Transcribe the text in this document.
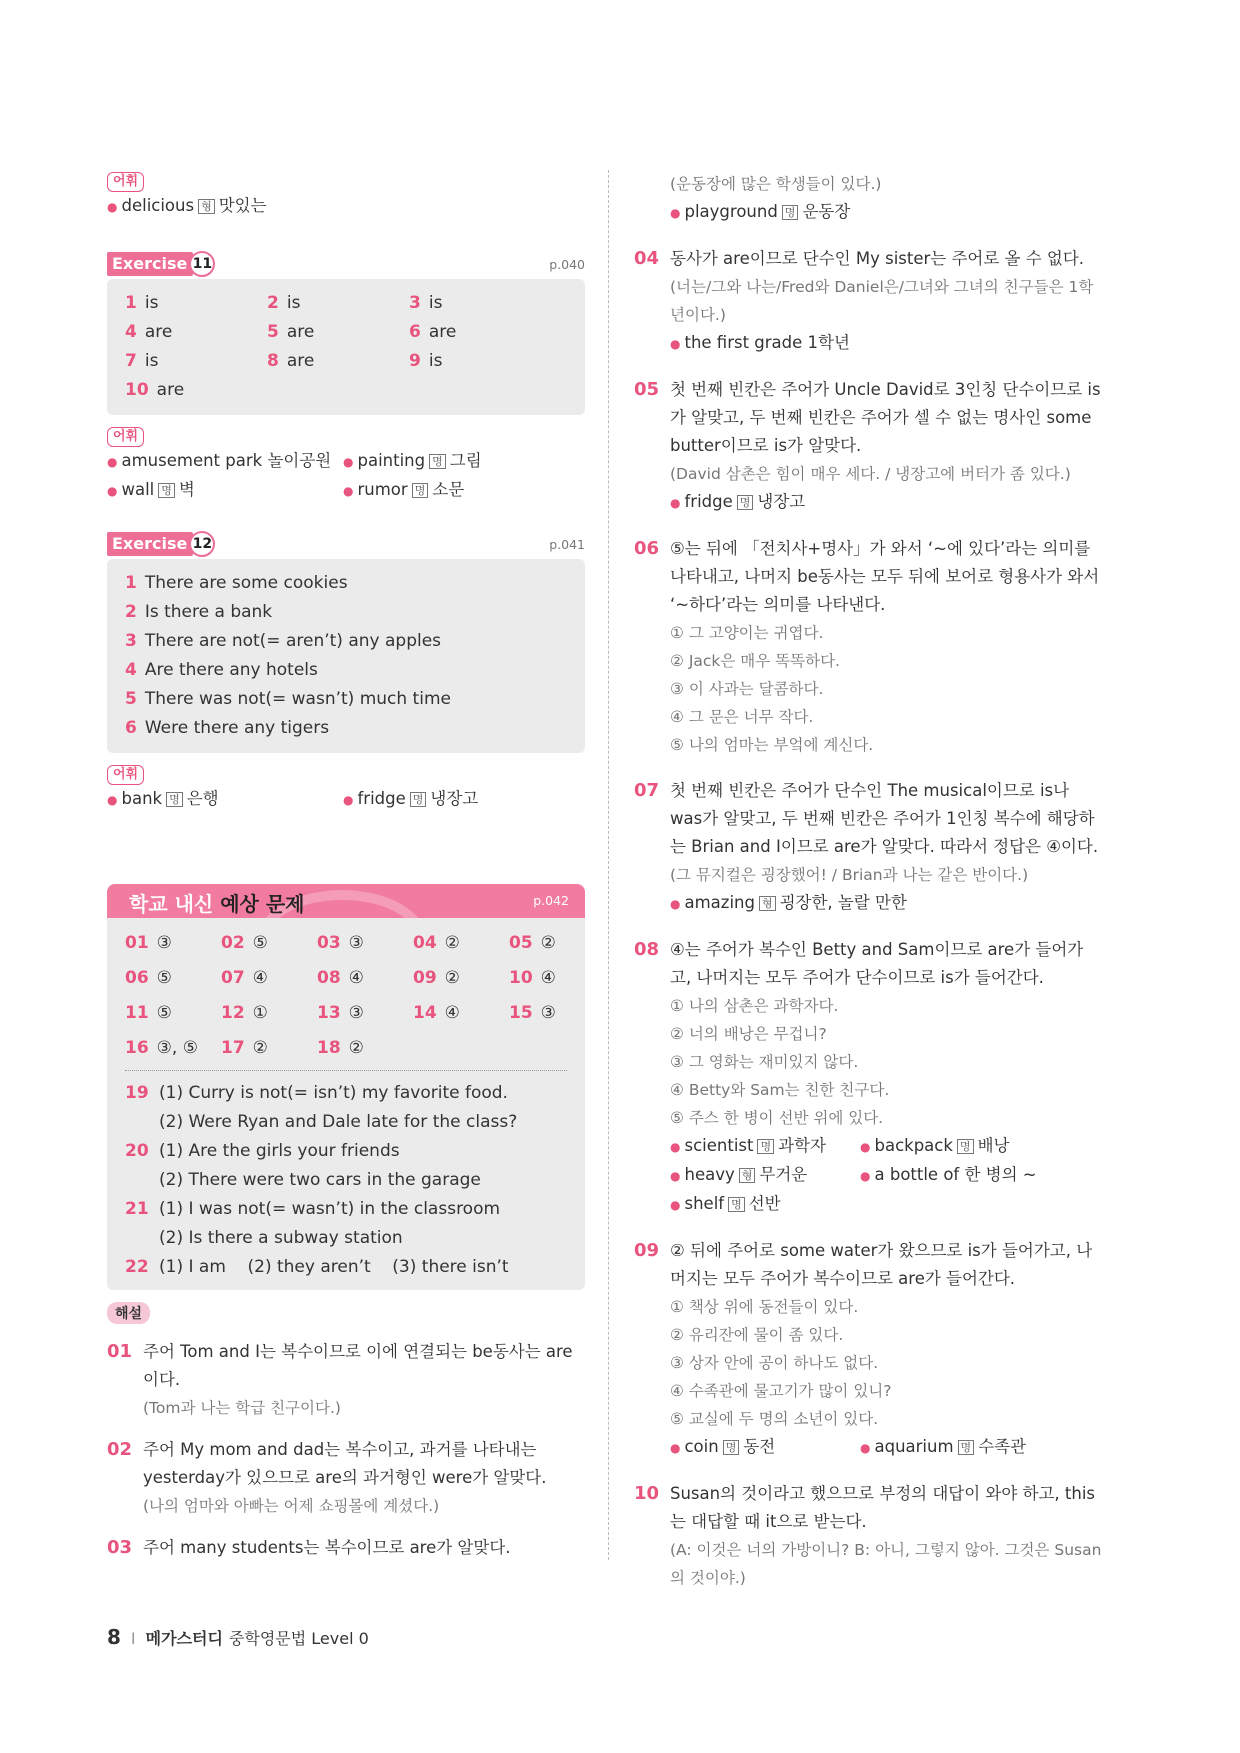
어휘
● delicious 형 맛있는
Exercise 11	p.040
1 is	2 is	3 is
4 are	5 are	6 are
7 is	8 are	9 is
10 are
어휘
● amusement park 놀이공원 ● painting 명 그림
● wall 명 벽	● rumor 명 소문
Exercise 12	p.041
1 There are some cookies
2 Is there a bank
3 There are not(= aren’t) any apples
4 Are there any hotels
5 There was not(= wasn’t) much time
6 Were there any tigers
어휘
● bank 명 은행	● fridge 명 냉장고
학교 내신 예상 문제	p.042
01 ③	02 ⑤	03 ③	04 ②	05 ②
06 ⑤	07 ④	08 ④	09 ②	10 ④
11 ⑤	12 ①	13 ③	14 ④	15 ③
16 ③, ⑤	17 ②	18 ②
19 (1) Curry is not(= isn’t) my favorite food.
(2) Were Ryan and Dale late for the class?
20 (1) Are the girls your friends
(2) There were two cars in the garage
21 (1) I was not(= wasn’t) in the classroom
(2) Is there a subway station
22 (1) I am    (2) they aren’t    (3) there isn’t
해설
01 주어 Tom and I는 복수이므로 이에 연결되는 be동사는 are이다.
(Tom과 나는 학급 친구이다.)
02 주어 My mom and dad는 복수이고, 과거를 나타내는 yesterday가 있으므로 are의 과거형인 were가 알맞다.
(나의 엄마와 아빠는 어제 쇼핑몰에 계셨다.)
03 주어 many students는 복수이므로 are가 알맞다.
(운동장에 많은 학생들이 있다.)
● playground 명 운동장
04 동사가 are이므로 단수인 My sister는 주어로 올 수 없다.
(너는/그와 나는/Fred와 Daniel은/그녀와 그녀의 친구들은 1학년이다.)
● the first grade 1학년
05 첫 번째 빈칸은 주어가 Uncle David로 3인칭 단수이므로 is가 알맞고, 두 번째 빈칸은 주어가 셀 수 없는 명사인 some butter이므로 is가 알맞다.
(David 삼촌은 힘이 매우 세다. / 냉장고에 버터가 좀 있다.)
● fridge 명 냉장고
06 ⑤는 뒤에 「전치사+명사」가 와서 ‘~에 있다’라는 의미를 나타내고, 나머지 be동사는 모두 뒤에 보어로 형용사가 와서 ‘~하다’라는 의미를 나타낸다.
① 그 고양이는 귀엽다.
② Jack은 매우 똑똑하다.
③ 이 사과는 달콤하다.
④ 그 문은 너무 작다.
⑤ 나의 엄마는 부엌에 계신다.
07 첫 번째 빈칸은 주어가 단수인 The musical이므로 is나 was가 알맞고, 두 번째 빈칸은 주어가 1인칭 복수에 해당하는 Brian and I이므로 are가 알맞다. 따라서 정답은 ④이다.
(그 뮤지컬은 굉장했어! / Brian과 나는 같은 반이다.)
● amazing 형 굉장한, 놀랄 만한
08 ④는 주어가 복수인 Betty and Sam이므로 are가 들어가고, 나머지는 모두 주어가 단수이므로 is가 들어간다.
① 나의 삼촌은 과학자다.
② 너의 배낭은 무겁니?
③ 그 영화는 재미있지 않다.
④ Betty와 Sam는 친한 친구다.
⑤ 주스 한 병이 선반 위에 있다.
● scientist 명 과학자	● backpack 명 배낭
● heavy 형 무거운	● a bottle of 한 병의 ~
● shelf 명 선반
09 ② 뒤에 주어로 some water가 왔으므로 is가 들어가고, 나머지는 모두 주어가 복수이므로 are가 들어간다.
① 책상 위에 동전들이 있다.
② 유리잔에 물이 좀 있다.
③ 상자 안에 공이 하나도 없다.
④ 수족관에 물고기가 많이 있니?
⑤ 교실에 두 명의 소년이 있다.
● coin 명 동전	● aquarium 명 수족관
10 Susan의 것이라고 했으므로 부정의 대답이 와야 하고, this는 대답할 때 it으로 받는다.
(A: 이것은 너의 가방이니? B: 아니, 그렇지 않아. 그것은 Susan의 것이야.)
8 I 메가스터디 중학영문법 Level 0
